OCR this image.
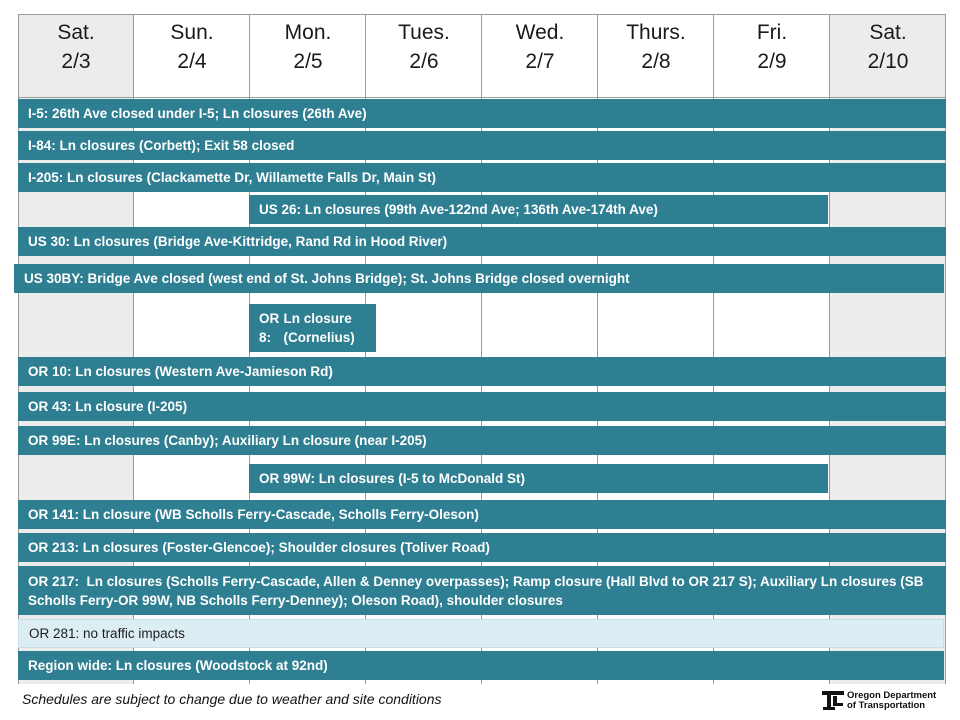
Sat.
2/3
Sun.
2/4
Mon.
2/5
Tues.
2/6
Wed.
2/7
Thurs.
2/8
Fri.
2/9
Sat.
2/10
I-5:
26th Ave closed under I-5; Ln closures (26th Ave)
I-84:
Ln closures (Corbett); Exit 58 closed
I-205:
Ln closures (Clackamette Dr, Willamette Falls Dr, Main St)
US 26:
Ln closures (99th Ave-122nd Ave; 136th Ave-174th Ave)
US 30:
Ln closures (Bridge Ave-Kittridge, Rand Rd in Hood River)
US 30BY:
Bridge Ave closed (west end of St. Johns Bridge); St. Johns Bridge closed overnight
OR 8:

Ln closure (Cornelius)
OR 10:
Ln closures (Western Ave-Jamieson Rd)
OR 43:
Ln closure (I-205)
OR 99E:
Ln closures (Canby); Auxiliary Ln closure (near I-205)
OR 99W:
Ln closures (I-5 to McDonald St)
OR 141:
Ln closure (WB Scholls Ferry-Cascade, Scholls Ferry-Oleson)
OR 213:
Ln closures (Foster-Glencoe); Shoulder closures (Toliver Road)
OR 217: Ln closures (Scholls Ferry-Cascade, Allen & Denney overpasses); Ramp closure (Hall Blvd to OR 217 S); Auxiliary Ln closures (SB Scholls Ferry-OR 99W, NB Scholls Ferry-Denney); Oleson Road), shoulder closures
OR 281:
no traffic impacts
Region wide:
Ln closures (Woodstock at 92nd)
Schedules are subject to change due to weather and site conditions	Oregon Department
of Transportation
